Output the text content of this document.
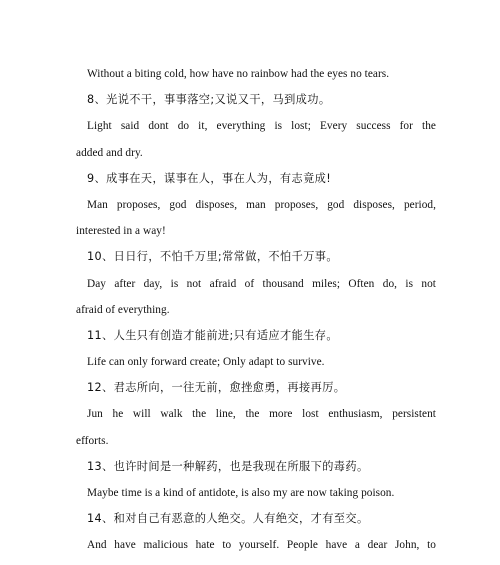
Without a biting cold, how have no rainbow had the eyes no tears.
8、光说不干，事事落空;又说又干，马到成功。
Light said dont do it, everything is lost; Every success for the
added and dry.
9、成事在天，谋事在人，事在人为，有志竟成!
Man proposes, god disposes, man proposes, god disposes, period,
interested in a way!
10、日日行，不怕千万里;常常做，不怕千万事。
Day after day, is not afraid of thousand miles; Often do, is not
afraid of everything.
11、人生只有创造才能前进;只有适应才能生存。
Life can only forward create; Only adapt to survive.
12、君志所向，一往无前，愈挫愈勇，再接再厉。
Jun he will walk the line, the more lost enthusiasm, persistent
efforts.
13、也许时间是一种解药，也是我现在所服下的毒药。
Maybe time is a kind of antidote, is also my are now taking poison.
14、和对自己有恶意的人绝交。人有绝交，才有至交。
And have malicious hate to yourself. People have a dear John, to
